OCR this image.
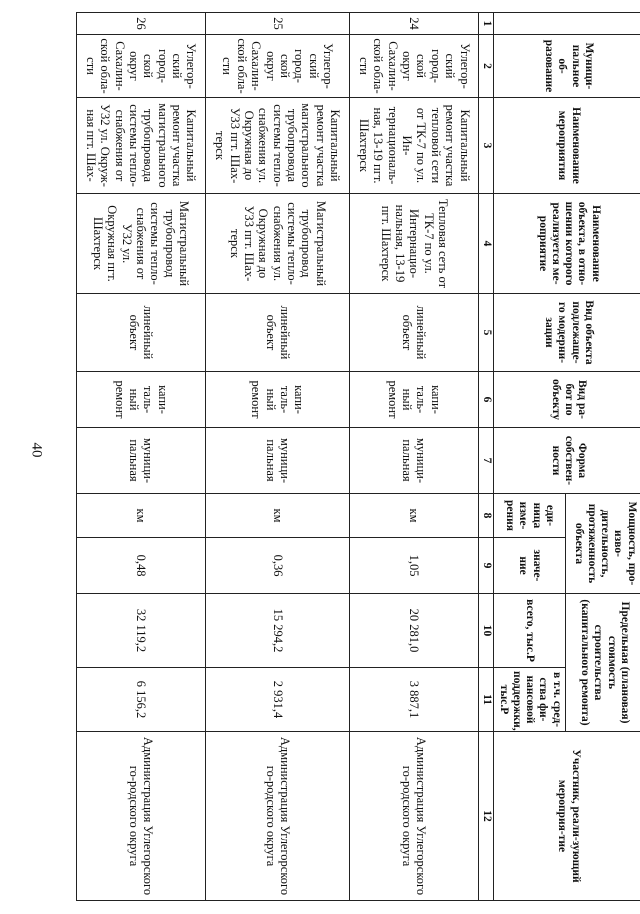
40
	Муници-пальное об-разование	Наименование мероприятия	Наименование объекта, в отно-шении которого реализуется ме-роприятие	Вид объекта подлежаще-го модерни-зации	Вид ра-бот по объекту	Форма собствен-ности	Мощность, про-изво-дительность, протяженность объекта		Предельная (плановая) стоимость строительства (капитального ремонта)		Участник, реали-зующий мероприя-тие
							еди-ница изме-рения	значе-ние	всего, тыс.Р	в т.ч. сред-ства фи-нансовой поддержки, тыс.Р	
1	2	3	4	5	6	7	8	9	10	11	12
24	Углегор-ский город-ской округ Сахалин-ской обла-сти	Капитальный ремонт участка тепловой сети от ТК-7 по ул. Ин-тернациональ-ная, 13-19 пгт. Шахтерск	Тепловая сеть от ТК-7 по ул. Интернацио-нальная, 13-19 пгт. Шахтерск	линейный объект	капи-таль-ный ремонт	муници-пальная	км	1,05	20 281,0	3 887,1	Администрация Углегорского го-родского округа
25	Углегор-ский город-ской округ Сахалин-ской обла-сти	Капитальный ремонт участка магистрального трубопровода системы тепло-снабжения ул. Окружная до УЗ3 пгт. Шах-терск	Магистральный трубопровод системы тепло-снабжения ул. Окружная до УЗ3 пгт. Шах-терск	линейный объект	капи-таль-ный ремонт	муници-пальная	км	0,36	15 294,2	2 931,4	Администрация Углегорского го-родского округа
26	Углегор-ский город-ской округ Сахалин-ской обла-сти	Капитальный ремонт участка магистрального трубопровода системы тепло-снабжения от У32 ул. Окруж-ная пгт. Шах-	Магистральный трубопровод системы тепло-снабжения от У32 ул. Окружная пгт. Шахтерск	линейный объект	капи-таль-ный ремонт	муници-пальная	км	0,48	32 119,2	6 156,2	Администрация Углегорского го-родского округа
